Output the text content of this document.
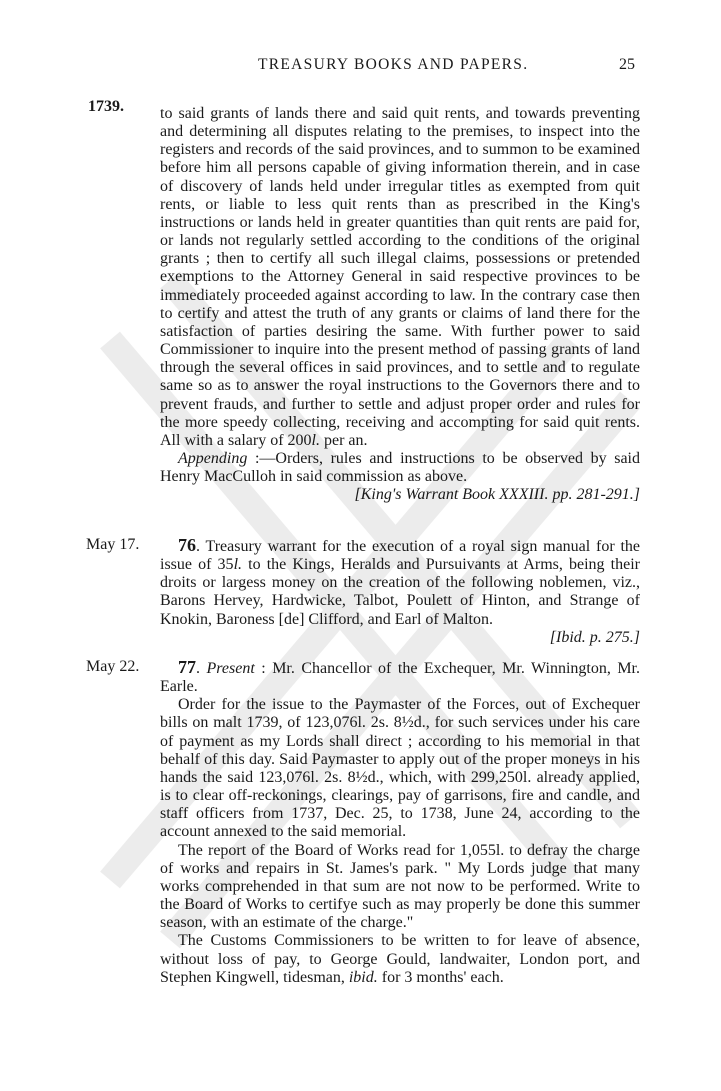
TREASURY BOOKS AND PAPERS.	25
1739. to said grants of lands there and said quit rents, and towards preventing and determining all disputes relating to the premises, to inspect into the registers and records of the said provinces, and to summon to be examined before him all persons capable of giving information therein, and in case of discovery of lands held under irregular titles as exempted from quit rents, or liable to less quit rents than as prescribed in the King's instructions or lands held in greater quantities than quit rents are paid for, or lands not regularly settled according to the conditions of the original grants ; then to certify all such illegal claims, possessions or pretended exemptions to the Attorney General in said respective provinces to be immediately proceeded against according to law. In the contrary case then to certify and attest the truth of any grants or claims of land there for the satisfaction of parties desiring the same. With further power to said Commissioner to inquire into the present method of passing grants of land through the several offices in said provinces, and to settle and to regulate same so as to answer the royal instructions to the Governors there and to prevent frauds, and further to settle and adjust proper order and rules for the more speedy collecting, receiving and accompting for said quit rents. All with a salary of 200l. per an.

Appending :—Orders, rules and instructions to be observed by said Henry MacCulloh in said commission as above.

[King's Warrant Book XXXIII. pp. 281-291.]

May 17.	76. Treasury warrant for the execution of a royal sign manual for the issue of 35l. to the Kings, Heralds and Pursuivants at Arms, being their droits or largess money on the creation of the following noblemen, viz., Barons Hervey, Hardwicke, Talbot, Poulett of Hinton, and Strange of Knokin, Baroness [de] Clifford, and Earl of Malton.

[Ibid. p. 275.]

May 22.	77. Present : Mr. Chancellor of the Exchequer, Mr. Winnington, Mr. Earle.

Order for the issue to the Paymaster of the Forces, out of Exchequer bills on malt 1739, of 123,076l. 2s. 8½d., for such services under his care of payment as my Lords shall direct ; according to his memorial in that behalf of this day. Said Paymaster to apply out of the proper moneys in his hands the said 123,076l. 2s. 8½d., which, with 299,250l. already applied, is to clear off-reckonings, clearings, pay of garrisons, fire and candle, and staff officers from 1737, Dec. 25, to 1738, June 24, according to the account annexed to the said memorial.

The report of the Board of Works read for 1,055l. to defray the charge of works and repairs in St. James's park. " My Lords judge that many works comprehended in that sum are not now to be performed. Write to the Board of Works to certifye such as may properly be done this summer season, with an estimate of the charge."

The Customs Commissioners to be written to for leave of absence, without loss of pay, to George Gould, landwaiter, London port, and Stephen Kingwell, tidesman, ibid. for 3 months' each.
